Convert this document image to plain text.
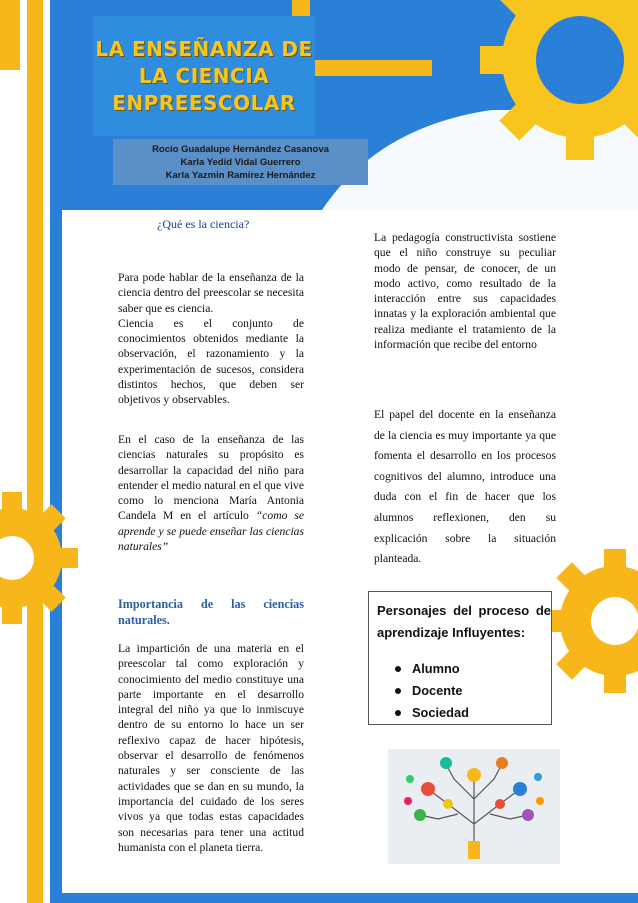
LA ENSEÑANZA DE
LA CIENCIA
ENPREESCOLAR
Rocío Guadalupe Hernández Casanova
Karla Yedid Vidal Guerrero
Karla Yazmin Ramírez Hernández

¿Qué es la ciencia?

Para pode hablar de la enseñanza de la ciencia dentro del preescolar se necesita saber que es ciencia.

Ciencia es el conjunto de conocimientos obtenidos mediante la observación, el razonamiento y la experimentación de sucesos, considera distintos hechos, que deben ser objetivos y observables.

En el caso de la enseñanza de las ciencias naturales su propósito es desarrollar la capacidad del niño para entender el medio natural en el que vive como lo menciona María Antonia Candela M en el artículo “como se aprende y se puede enseñar las ciencias naturales”

Importancia de las ciencias naturales.

La impartición de una materia en el preescolar tal como exploración y conocimiento del medio constituye una parte importante en el desarrollo integral del niño ya que lo inmiscuye dentro de su entorno lo hace un ser reflexivo capaz de hacer hipótesis, observar el desarrollo de fenómenos naturales y ser consciente de las actividades que se dan en su mundo, la importancia del cuidado de los seres vivos ya que todas estas capacidades son necesarias para tener una actitud humanista con el planeta tierra.

La pedagogía constructivista sostiene que el niño construye su peculiar modo de pensar, de conocer, de un modo activo, como resultado de la interacción entre sus capacidades innatas y la exploración ambiental que realiza mediante el tratamiento de la información que recibe del entorno

El papel del docente en la enseñanza de la ciencia es muy importante ya que fomenta el desarrollo en los procesos cognitivos del alumno, introduce una duda con el fin de hacer que los alumnos reflexionen, den su explicación sobre la situación planteada.

Personajes del proceso de aprendizaje Influyentes:

Alumno
Docente
Sociedad
